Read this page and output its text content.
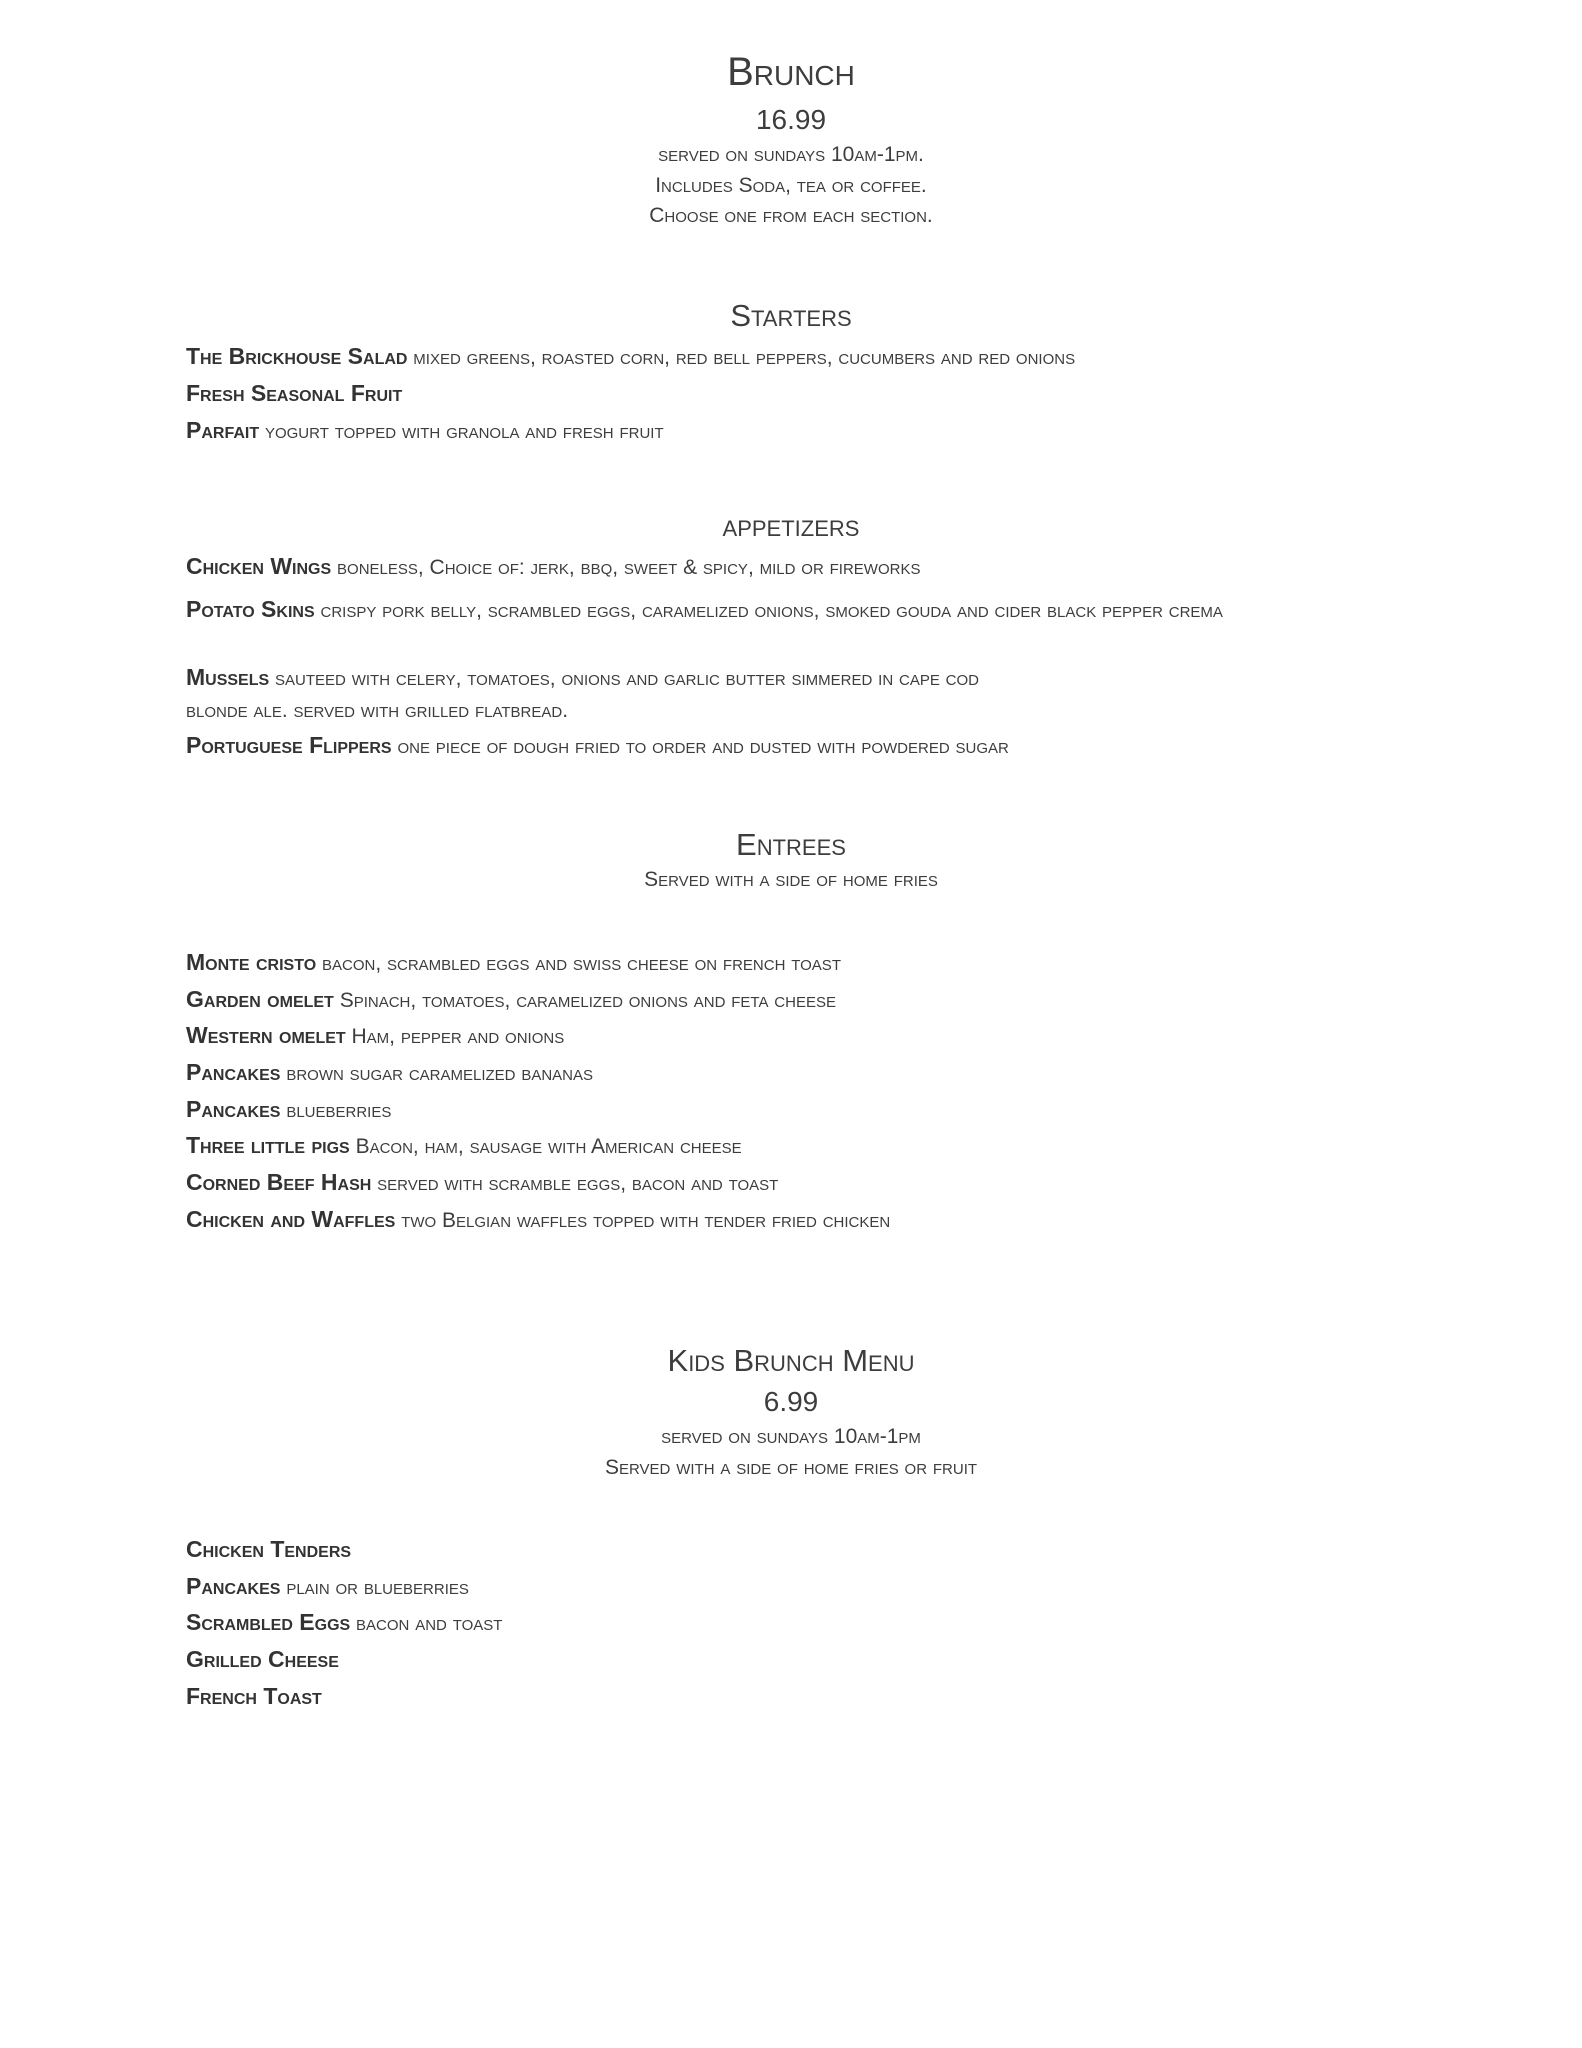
Brunch
16.99
served on sundays 10am-1pm.
Includes Soda, tea or coffee.
Choose one from each section.
Starters
The Brickhouse Salad mixed greens, roasted corn, red bell peppers, cucumbers and red onions
Fresh Seasonal Fruit
Parfait yogurt topped with granola and fresh fruit
appetizers
Chicken Wings boneless, Choice of: jerk, bbq, sweet & spicy, mild or fireworks
Potato Skins crispy pork belly, scrambled eggs, caramelized onions, smoked gouda and cider black pepper crema
Mussels sauteed with celery, tomatoes, onions and garlic butter simmered in cape cod
blonde ale. served with grilled flatbread.
Portuguese Flippers one piece of dough fried to order and dusted with powdered sugar
Entrees
Served with a side of home fries
Monte cristo bacon, scrambled eggs and swiss cheese on french toast
Garden omelet Spinach, tomatoes, caramelized onions and feta cheese
Western omelet Ham, pepper and onions
Pancakes brown sugar caramelized bananas
Pancakes blueberries
Three little pigs Bacon, ham, sausage with American cheese
Corned Beef Hash served with scramble eggs, bacon and toast
Chicken and Waffles two Belgian waffles topped with tender fried chicken
Kids Brunch Menu
6.99
served on sundays 10am-1pm
Served with a side of home fries or fruit
Chicken Tenders
Pancakes plain or blueberries
Scrambled Eggs bacon and toast
Grilled Cheese
French Toast
